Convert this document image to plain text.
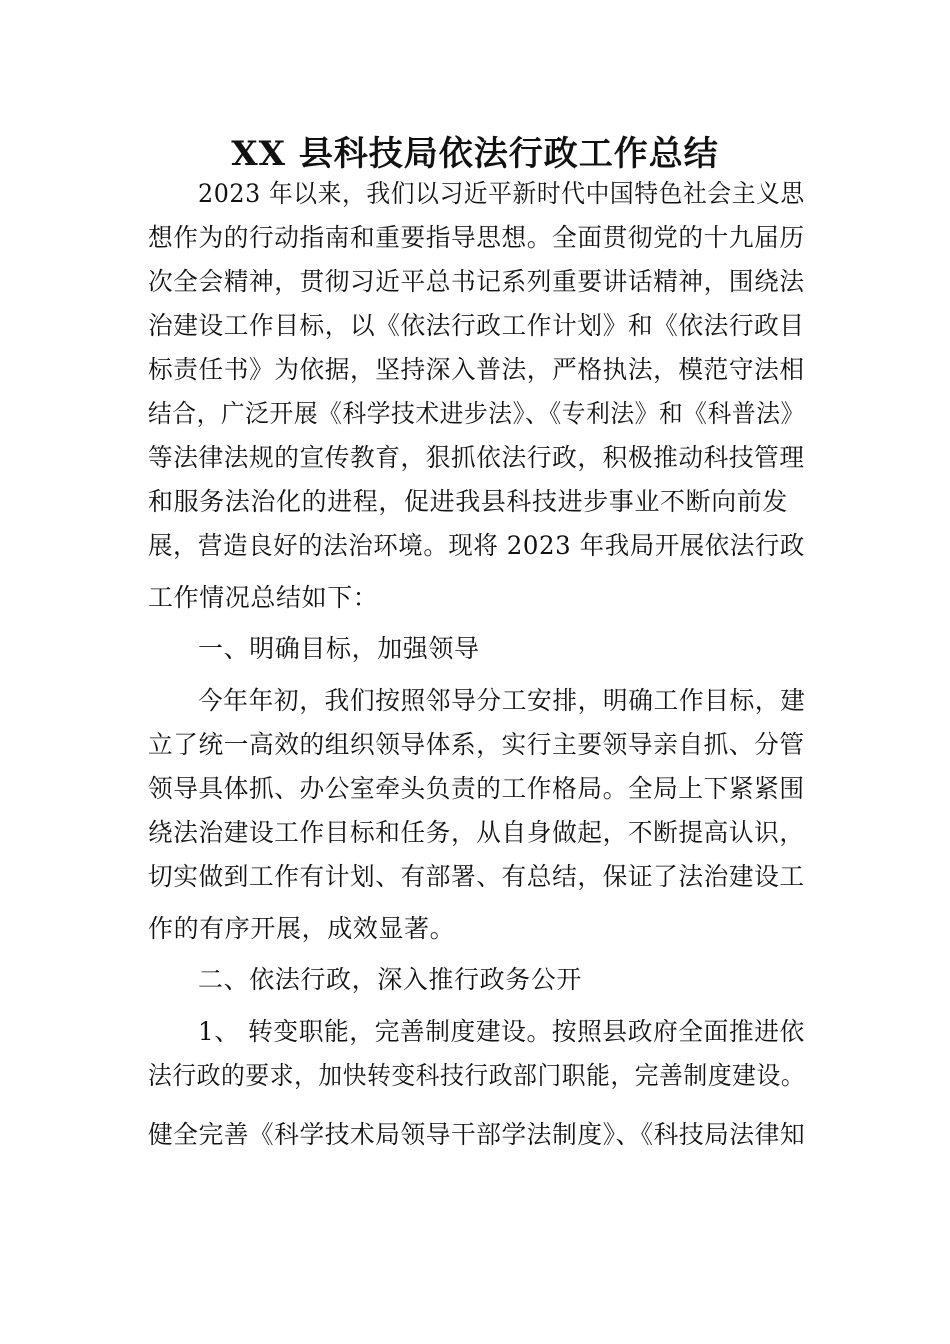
XX 县科技局依法行政工作总结
2023 年以来，我们以习近平新时代中国特色社会主义思
想作为的行动指南和重要指导思想。全面贯彻党的十九届历
次全会精神，贯彻习近平总书记系列重要讲话精神，围绕法
治建设工作目标，以《依法行政工作计划》和《依法行政目
标责任书》为依据，坚持深入普法，严格执法，模范守法相
结合，广泛开展《科学技术进步法》、《专利法》和《科普法》
等法律法规的宣传教育，狠抓依法行政，积极推动科技管理
和服务法治化的进程，促进我县科技进步事业不断向前发
展，营造良好的法治环境。现将 2023 年我局开展依法行政
工作情况总结如下：
一、明确目标，加强领导
今年年初，我们按照邻导分工安排，明确工作目标，建
立了统一高效的组织领导体系，实行主要领导亲自抓、分管
领导具体抓、办公室牵头负责的工作格局。全局上下紧紧围
绕法治建设工作目标和任务，从自身做起，不断提高认识，
切实做到工作有计划、有部署、有总结，保证了法治建设工
作的有序开展，成效显著。
二、依法行政，深入推行政务公开
1、 转变职能，完善制度建设。按照县政府全面推进依
法行政的要求，加快转变科技行政部门职能，完善制度建设。
健全完善《科学技术局领导干部学法制度》、《科技局法律知
